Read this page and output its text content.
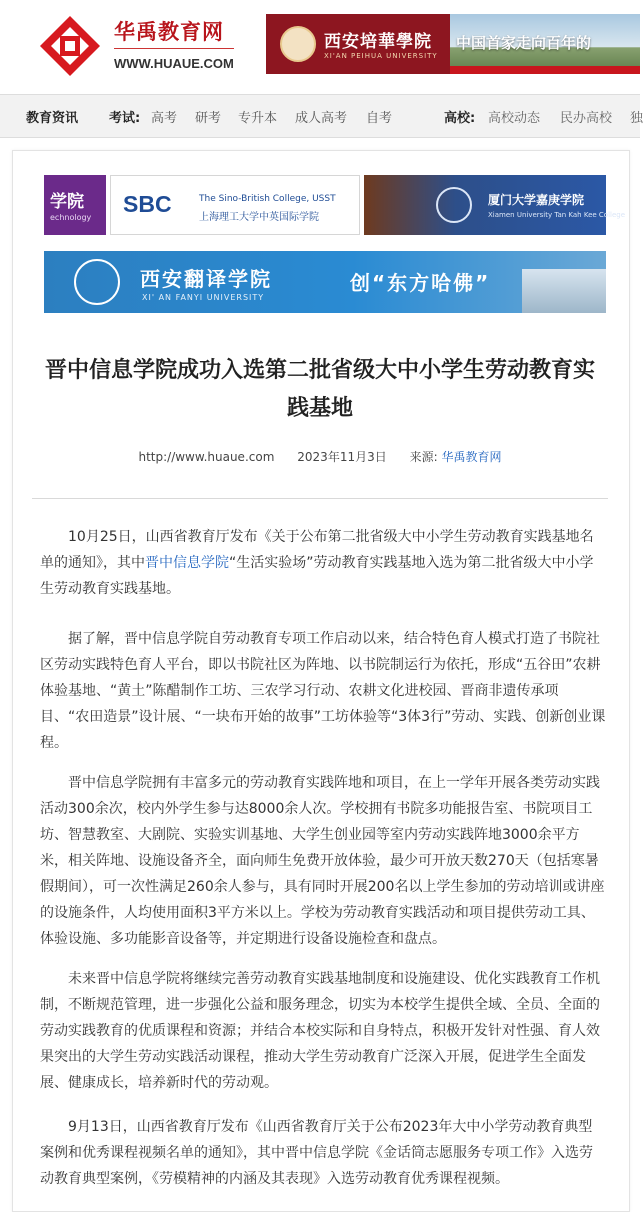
华禹教育网
WWW.HUAUE.COM
西安培華學院
XI'AN PEIHUA UNIVERSITY
中国首家走向百年的
教育资讯 考试: 高考 研考 专升本 成人高考 自考	高校: 高校动态 民办高校 独
学院
echnology
SBC	The Sino-British College, USST
上海理工大学中英国际学院
厦门大学嘉庚学院
Xiamen University Tan Kah Kee College
西安翻译学院
XI' AN FANYI UNIVERSITY
创“东方哈佛”
晋中信息学院成功入选第二批省级大中小学生劳动教育实践基地
http://www.huaue.com 2023年11月3日 来源: 华禹教育网
10月25日，山西省教育厅发布《关于公布第二批省级大中小学生劳动教育实践基地名单的通知》，其中晋中信息学院“生活实验场”劳动教育实践基地入选为第二批省级大中小学生劳动教育实践基地。
据了解，晋中信息学院自劳动教育专项工作启动以来，结合特色育人模式打造了书院社区劳动实践特色育人平台，即以书院社区为阵地、以书院制运行为依托，形成“五谷田”农耕体验基地、“黄土”陈醋制作工坊、三农学习行动、农耕文化进校园、晋商非遗传承项目、“农田造景”设计展、“一块布开始的故事”工坊体验等“3体3行”劳动、实践、创新创业课程。
晋中信息学院拥有丰富多元的劳动教育实践阵地和项目，在上一学年开展各类劳动实践活动300余次，校内外学生参与达8000余人次。学校拥有书院多功能报告室、书院项目工坊、智慧教室、大剧院、实验实训基地、大学生创业园等室内劳动实践阵地3000余平方米，相关阵地、设施设备齐全，面向师生免费开放体验，最少可开放天数270天（包括寒暑假期间），可一次性满足260余人参与，具有同时开展200名以上学生参加的劳动培训或讲座的设施条件，人均使用面积3平方米以上。学校为劳动教育实践活动和项目提供劳动工具、体验设施、多功能影音设备等，并定期进行设备设施检查和盘点。
未来晋中信息学院将继续完善劳动教育实践基地制度和设施建设、优化实践教育工作机制，不断规范管理，进一步强化公益和服务理念，切实为本校学生提供全域、全员、全面的劳动实践教育的优质课程和资源；并结合本校实际和自身特点，积极开发针对性强、育人效果突出的大学生劳动实践活动课程，推动大学生劳动教育广泛深入开展，促进学生全面发展、健康成长，培养新时代的劳动观。
9月13日，山西省教育厅发布《山西省教育厅关于公布2023年大中小学劳动教育典型案例和优秀课程视频名单的通知》，其中晋中信息学院《金话筒志愿服务专项工作》入选劳动教育典型案例，《劳模精神的内涵及其表现》入选劳动教育优秀课程视频。
